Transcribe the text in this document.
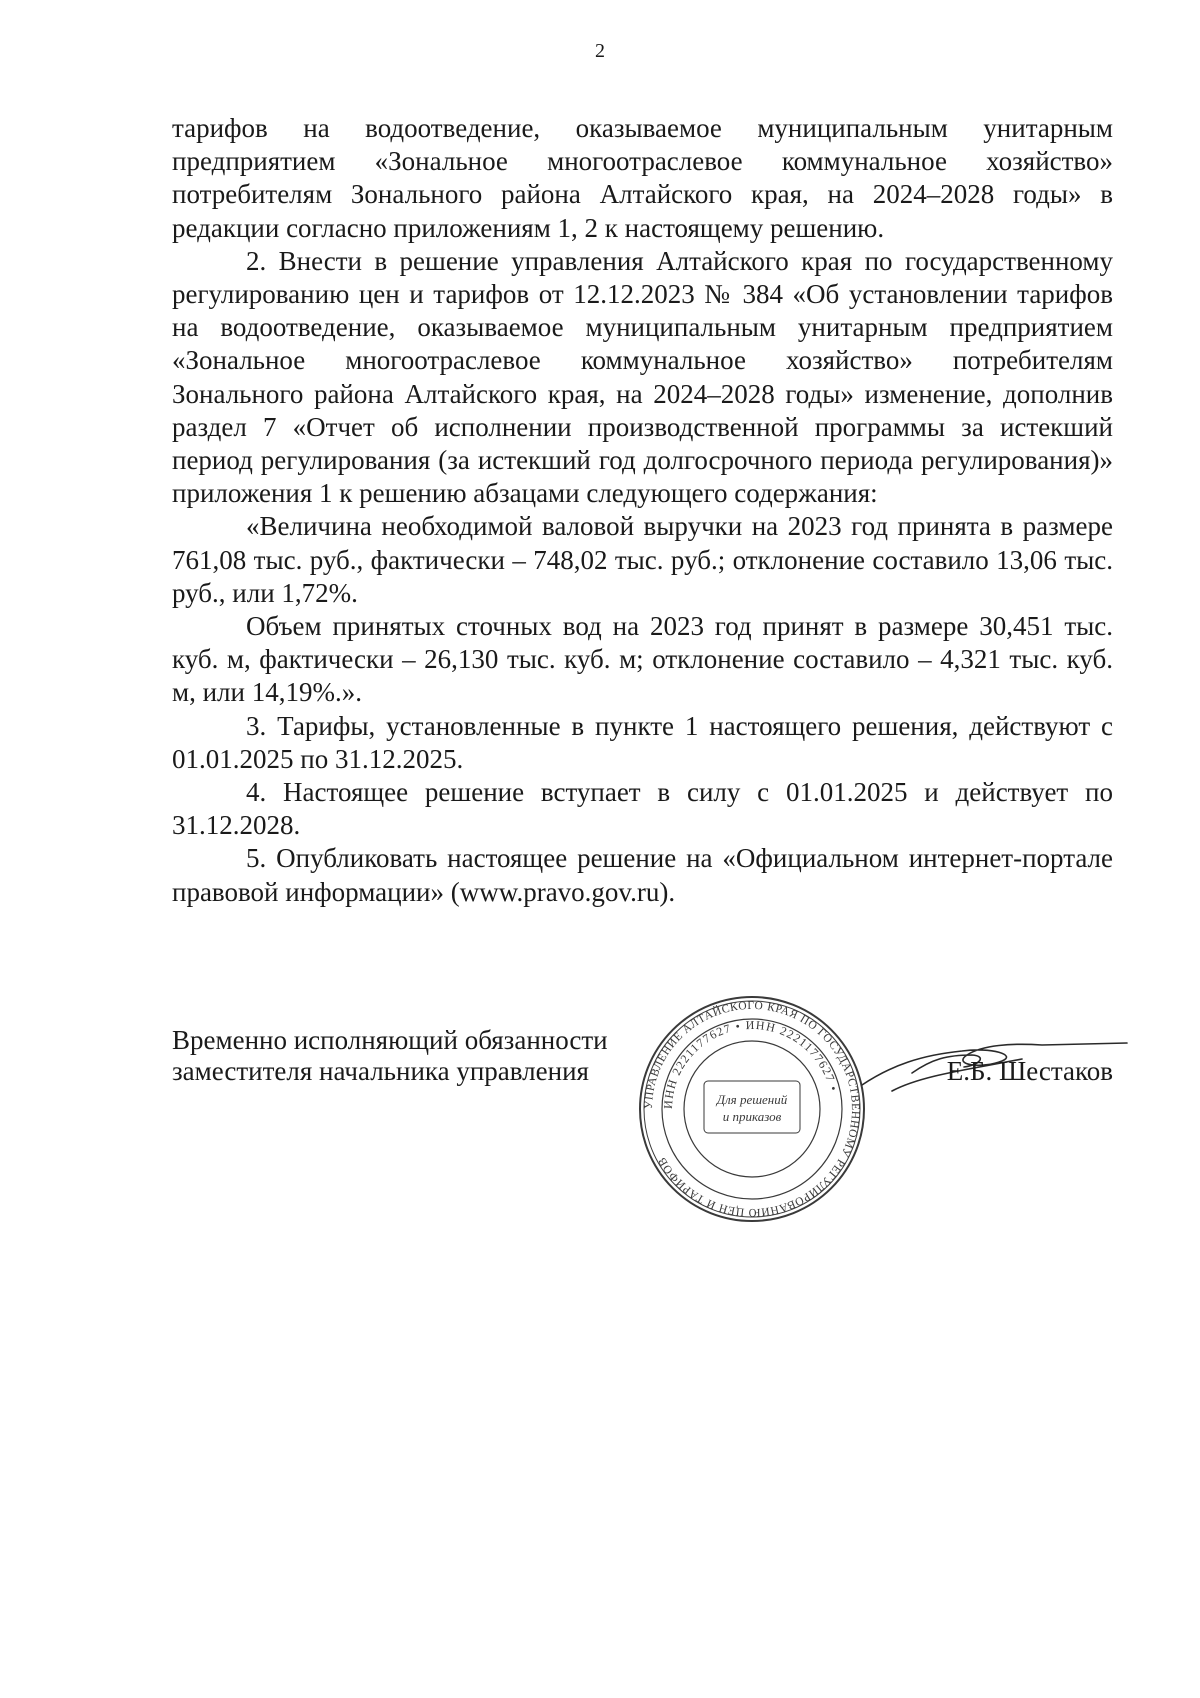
2

тарифов на водоотведение, оказываемое муниципальным унитарным предприятием «Зональное многоотраслевое коммунальное хозяйство» потребителям Зонального района Алтайского края, на 2024–2028 годы» в редакции согласно приложениям 1, 2 к настоящему решению.

2. Внести в решение управления Алтайского края по государственному регулированию цен и тарифов от 12.12.2023 № 384 «Об установлении тарифов на водоотведение, оказываемое муниципальным унитарным предприятием «Зональное многоотраслевое коммунальное хозяйство» потребителям Зонального района Алтайского края, на 2024–2028 годы» изменение, дополнив раздел 7 «Отчет об исполнении производственной программы за истекший период регулирования (за истекший год долгосрочного периода регулирования)» приложения 1 к решению абзацами следующего содержания:

«Величина необходимой валовой выручки на 2023 год принята в размере 761,08 тыс. руб., фактически – 748,02 тыс. руб.; отклонение составило 13,06 тыс. руб., или 1,72%.

Объем принятых сточных вод на 2023 год принят в размере 30,451 тыс. куб. м, фактически – 26,130 тыс. куб. м; отклонение составило – 4,321 тыс. куб. м, или 14,19%.».

3. Тарифы, установленные в пункте 1 настоящего решения, действуют с 01.01.2025 по 31.12.2025.

4. Настоящее решение вступает в силу с 01.01.2025 и действует по 31.12.2028.

5. Опубликовать настоящее решение на «Официальном интернет-портале правовой информации» (www.pravo.gov.ru).

Временно исполняющий обязанности
заместителя начальника управления
УПРАВЛЕНИЕ АЛТАЙСКОГО КРАЯ ПО ГОСУДАРСТВЕННОМУ РЕГУЛИРОВАНИЮ ЦЕН И ТАРИФОВ
ИНН 2221177627 • ИНН 2221177627 •
Для решений
и приказов
Е.Б. Шестаков
